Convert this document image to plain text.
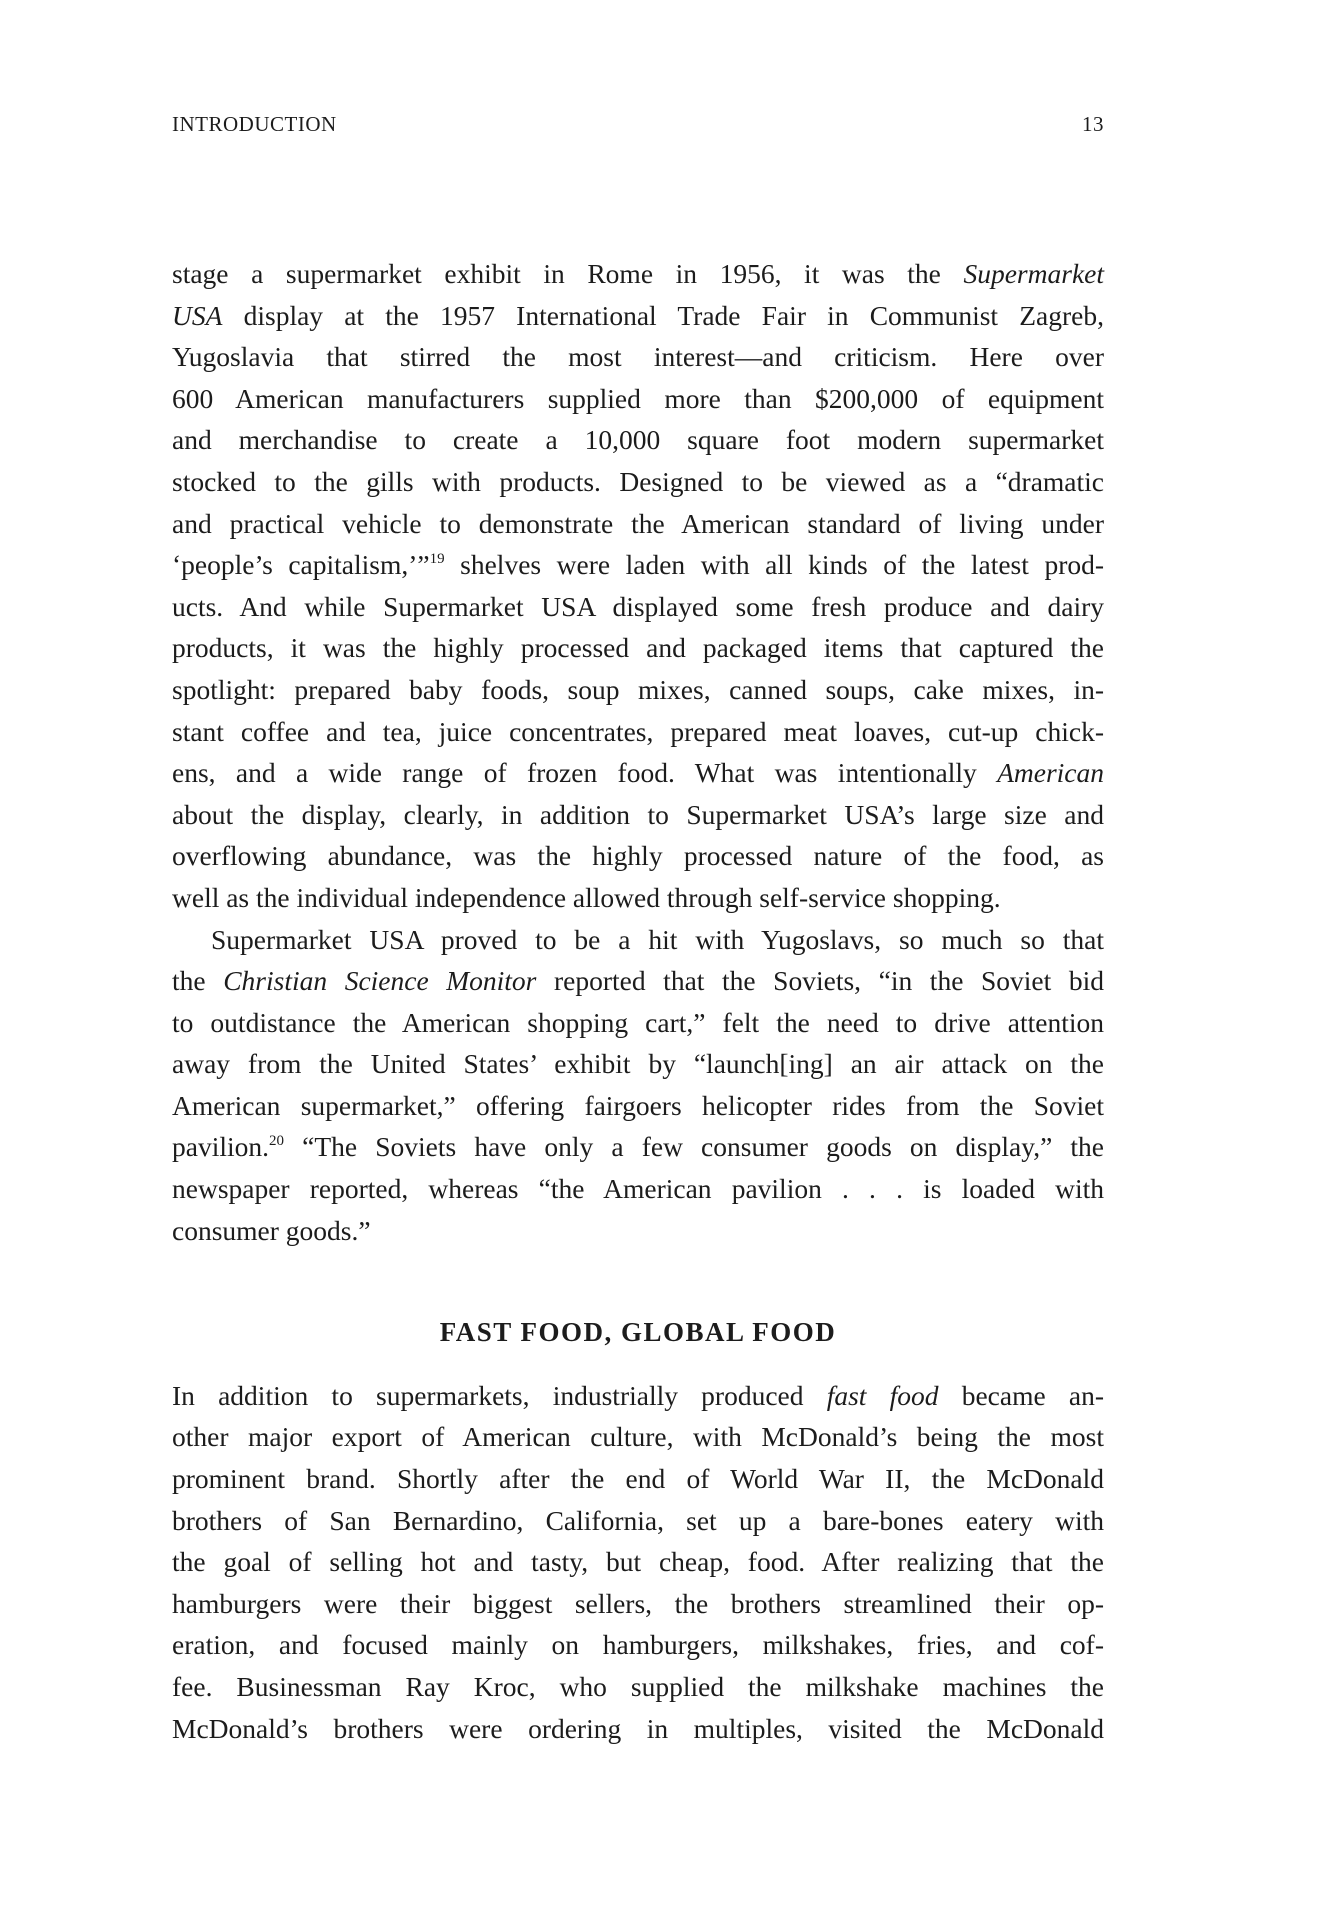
INTRODUCTION	13
stage a supermarket exhibit in Rome in 1956, it was the Supermarket
USA display at the 1957 International Trade Fair in Communist Zagreb,
Yugoslavia that stirred the most interest—and criticism. Here over
600 American manufacturers supplied more than $200,000 of equipment
and merchandise to create a 10,000 square foot modern supermarket
stocked to the gills with products. Designed to be viewed as a “dramatic
and practical vehicle to demonstrate the American standard of living under
‘people’s capitalism,’”$^{19}$ shelves were laden with all kinds of the latest prod-
ucts. And while Supermarket USA displayed some fresh produce and dairy
products, it was the highly processed and packaged items that captured the
spotlight: prepared baby foods, soup mixes, canned soups, cake mixes, in-
stant coffee and tea, juice concentrates, prepared meat loaves, cut-up chick-
ens, and a wide range of frozen food. What was intentionally American
about the display, clearly, in addition to Supermarket USA’s large size and
overflowing abundance, was the highly processed nature of the food, as
well as the individual independence allowed through self-service shopping.
Supermarket USA proved to be a hit with Yugoslavs, so much so that
the Christian Science Monitor reported that the Soviets, “in the Soviet bid
to outdistance the American shopping cart,” felt the need to drive attention
away from the United States’ exhibit by “launch[ing] an air attack on the
American supermarket,” offering fairgoers helicopter rides from the Soviet
pavilion.$^{20}$ “The Soviets have only a few consumer goods on display,” the
newspaper reported, whereas “the American pavilion . . . is loaded with
consumer goods.”
FAST FOOD, GLOBAL FOOD
In addition to supermarkets, industrially produced fast food became an-
other major export of American culture, with McDonald’s being the most
prominent brand. Shortly after the end of World War II, the McDonald
brothers of San Bernardino, California, set up a bare-bones eatery with
the goal of selling hot and tasty, but cheap, food. After realizing that the
hamburgers were their biggest sellers, the brothers streamlined their op-
eration, and focused mainly on hamburgers, milkshakes, fries, and cof-
fee. Businessman Ray Kroc, who supplied the milkshake machines the
McDonald’s brothers were ordering in multiples, visited the McDonald
